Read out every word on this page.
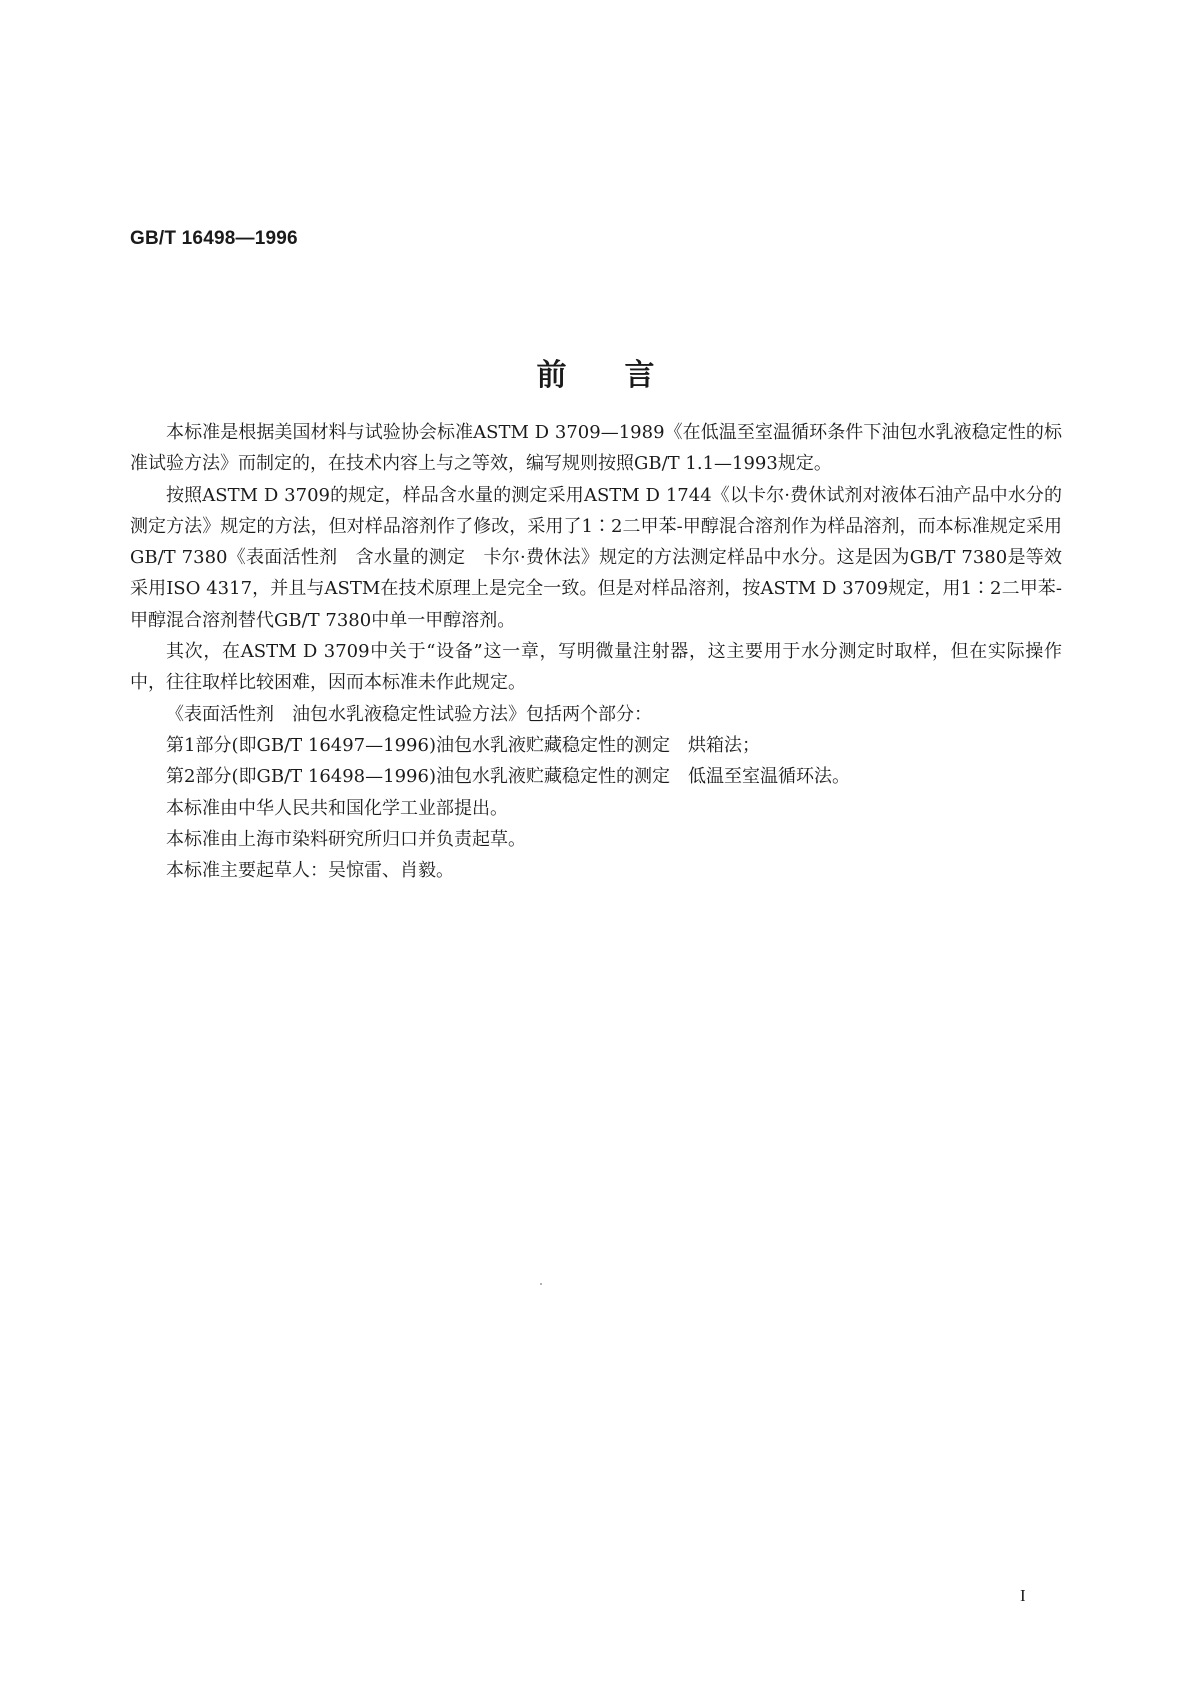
GB/T 16498—1996
前言

本标准是根据美国材料与试验协会标准ASTM D 3709—1989《在低温至室温循环条件下油包水乳液稳定性的标准试验方法》而制定的，在技术内容上与之等效，编写规则按照GB/T 1.1—1993规定。

按照ASTM D 3709的规定，样品含水量的测定采用ASTM D 1744《以卡尔·费休试剂对液体石油产品中水分的测定方法》规定的方法，但对样品溶剂作了修改，采用了1∶2二甲苯-甲醇混合溶剂作为样品溶剂，而本标准规定采用GB/T 7380《表面活性剂　含水量的测定　卡尔·费休法》规定的方法测定样品中水分。这是因为GB/T 7380是等效采用ISO 4317，并且与ASTM在技术原理上是完全一致。但是对样品溶剂，按ASTM D 3709规定，用1∶2二甲苯-甲醇混合溶剂替代GB/T 7380中单一甲醇溶剂。

其次，在ASTM D 3709中关于“设备”这一章，写明微量注射器，这主要用于水分测定时取样，但在实际操作中，往往取样比较困难，因而本标准未作此规定。

《表面活性剂　油包水乳液稳定性试验方法》包括两个部分：

第1部分(即GB/T 16497—1996)油包水乳液贮藏稳定性的测定　烘箱法；

第2部分(即GB/T 16498—1996)油包水乳液贮藏稳定性的测定　低温至室温循环法。

本标准由中华人民共和国化学工业部提出。

本标准由上海市染料研究所归口并负责起草。

本标准主要起草人：吴惊雷、肖毅。

I
